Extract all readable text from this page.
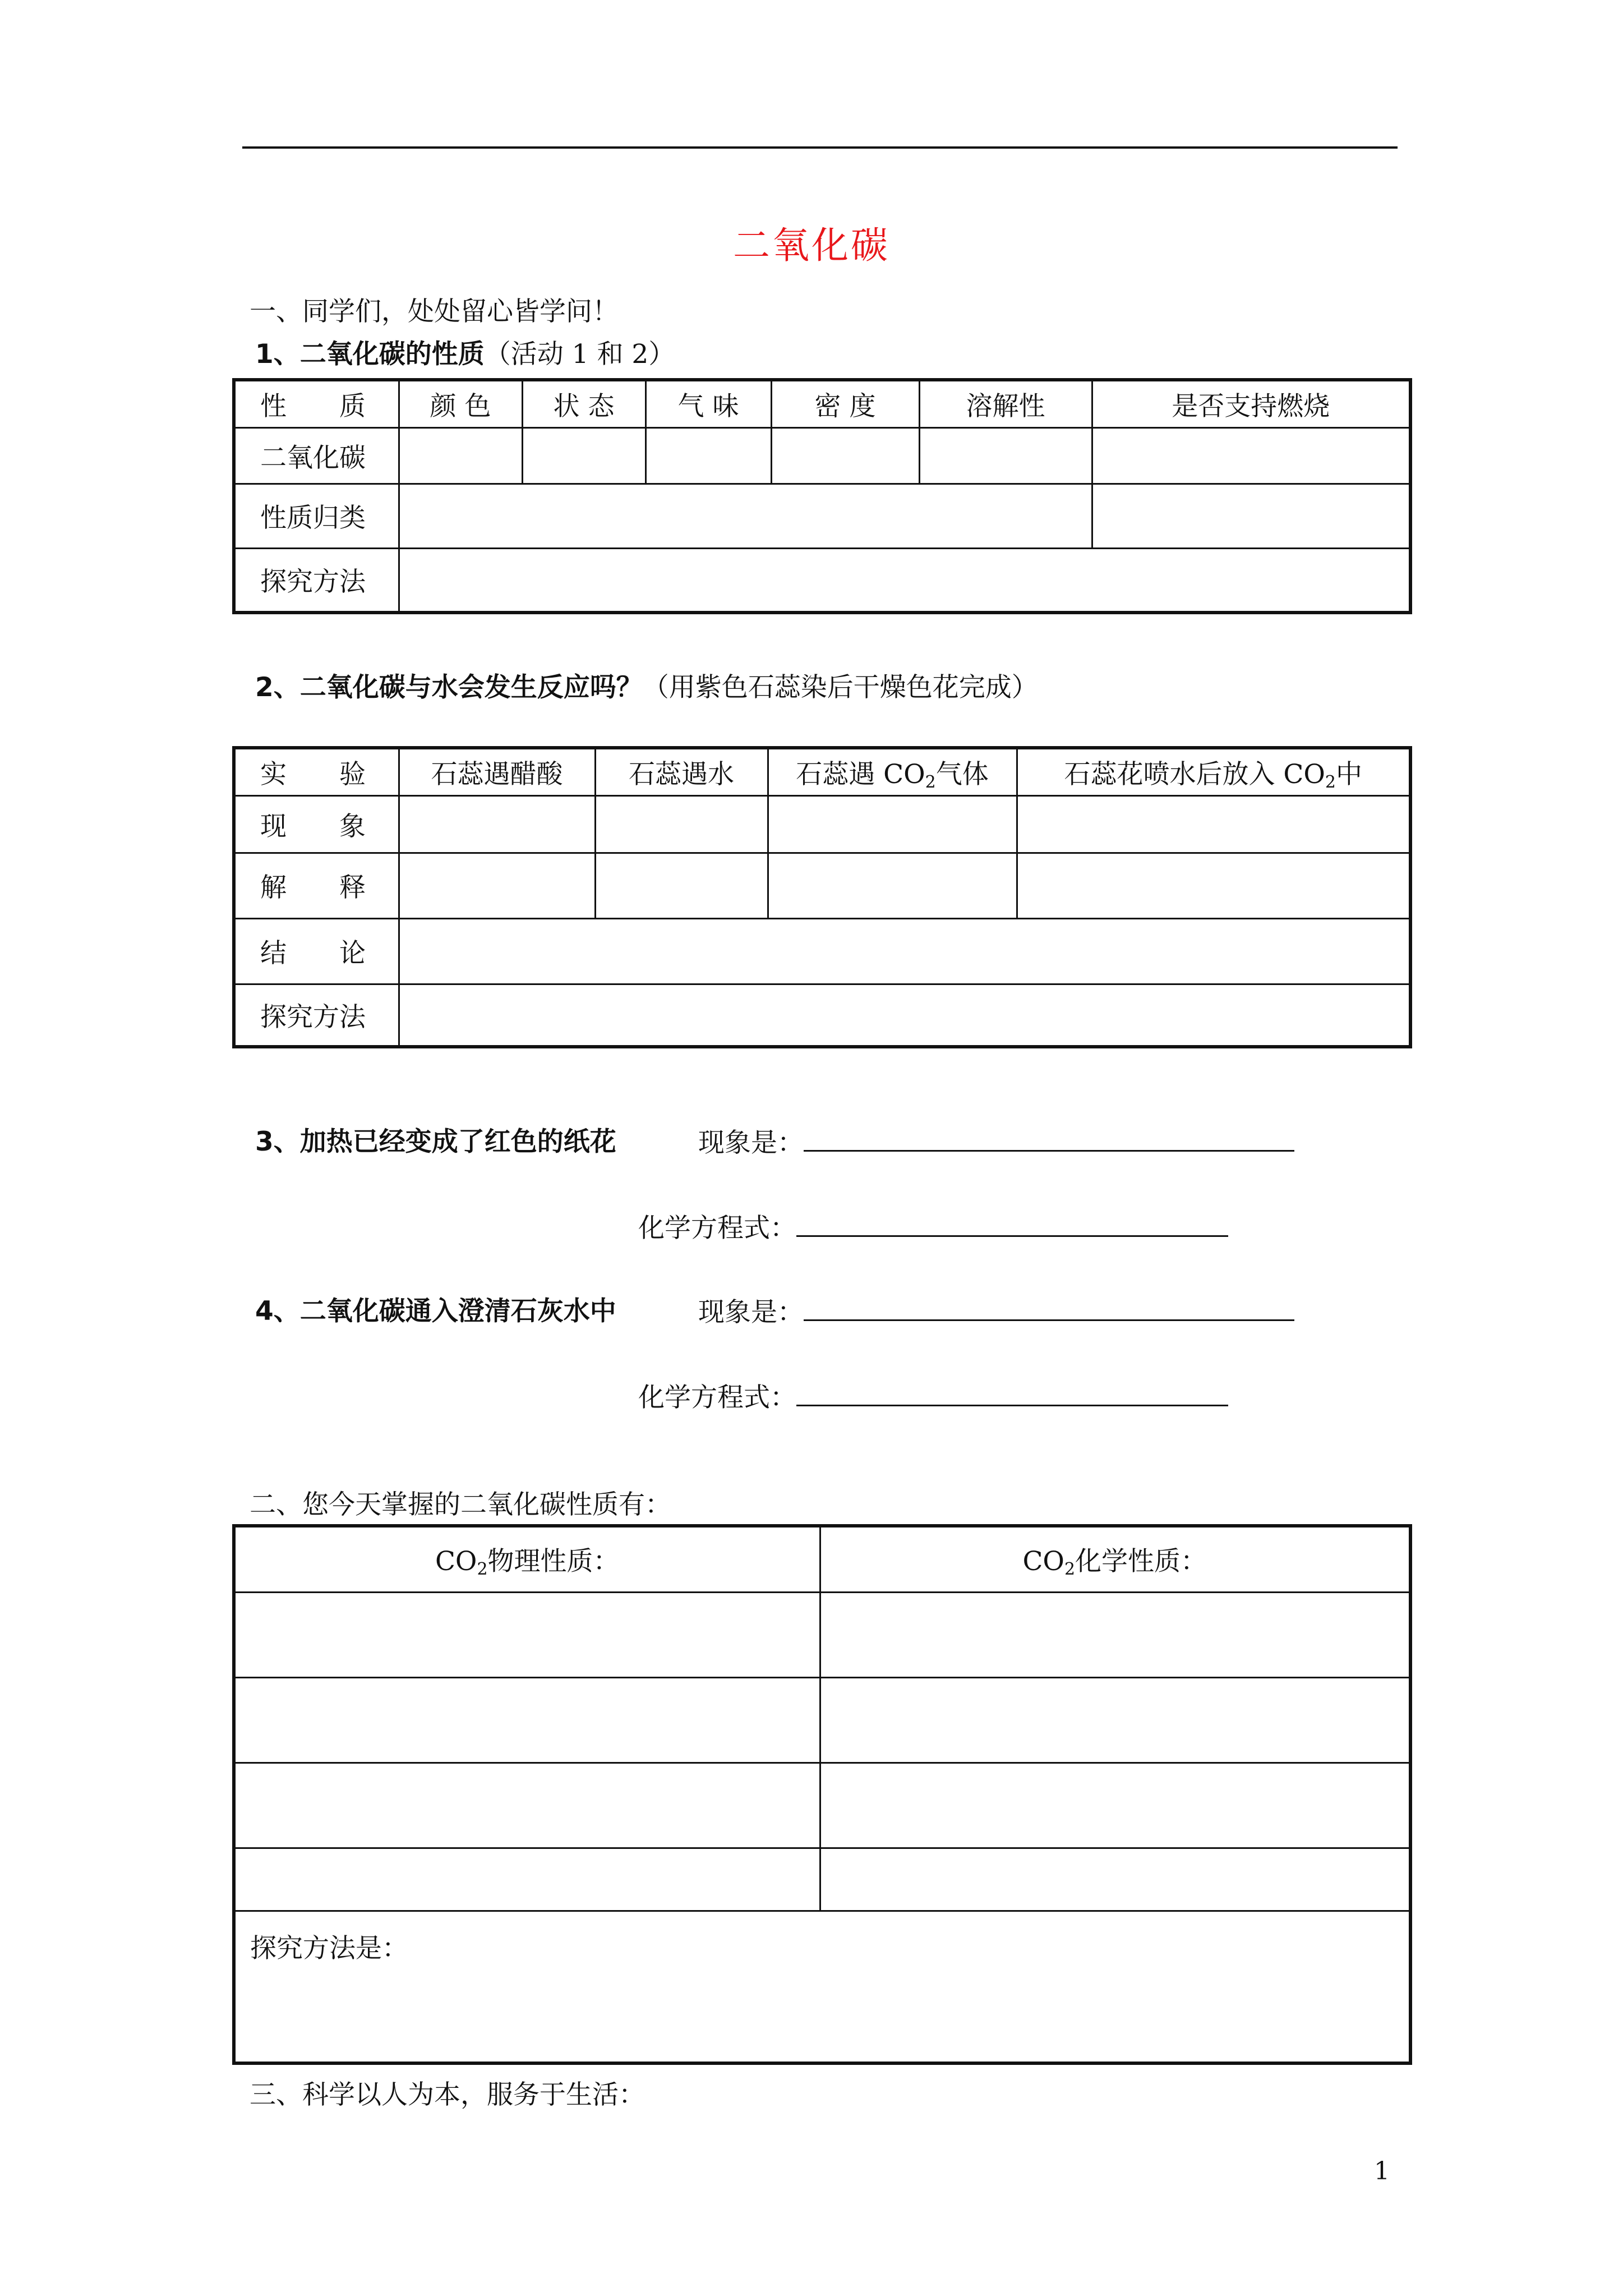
二氧化碳
一、同学们，处处留心皆学问！
1、二氧化碳的性质（活动 1 和 2）
性　　质	颜 色	状 态	气 味	密 度	溶解性	是否支持燃烧
二氧化碳						
性质归类						
探究方法						
2、二氧化碳与水会发生反应吗？（用紫色石蕊染后干燥色花完成）
实　　验	石蕊遇醋酸	石蕊遇水	石蕊遇 $CO_2$气体	石蕊花喷水后放入 $CO_2$中
现　　象				
解　　释				
结　　论				
探究方法				
3、加热已经变成了红色的纸花	现象是：
化学方程式：
4、二氧化碳通入澄清石灰水中	现象是：
化学方程式：
二、您今天掌握的二氧化碳性质有：
$CO_2$物理性质：	$CO_2$化学性质：

探究方法是：	
三、科学以人为本，服务于生活：
1
